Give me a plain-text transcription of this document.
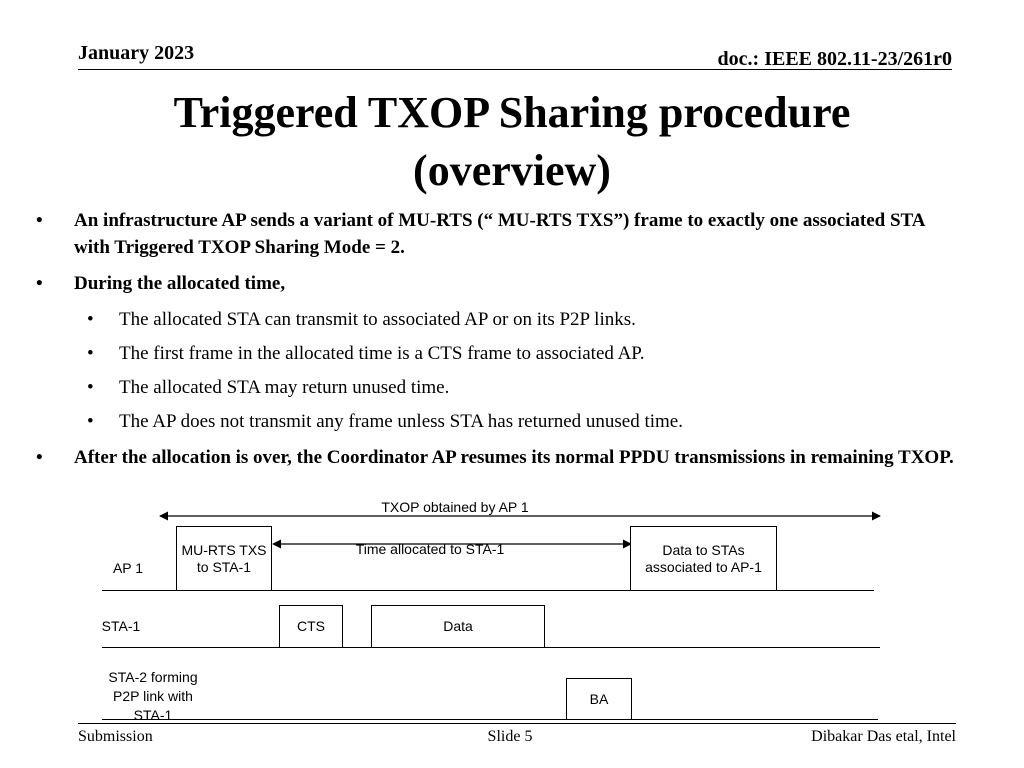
January 2023	doc.: IEEE 802.11-23/261r0
Triggered TXOP Sharing procedure
(overview)
• An infrastructure AP sends a variant of MU-RTS (“ MU-RTS TXS”) frame to exactly one associated STA with Triggered TXOP Sharing Mode = 2.
• During the allocated time,
• The allocated STA can transmit to associated AP or on its P2P links.
• The first frame in the allocated time is a CTS frame to associated AP.
• The allocated STA may return unused time.
• The AP does not transmit any frame unless STA has returned unused time.
• After the allocation is over, the Coordinator AP resumes its normal PPDU transmissions in remaining TXOP.
TXOP obtained by AP 1
Time allocated to STA-1
AP 1
MU-RTS TXS to STA-1
Data to STAs associated to AP-1
STA-1	CTS	Data
STA-2 forming P2P link with STA-1
BA
Submission	Slide 5	Dibakar Das etal, Intel
